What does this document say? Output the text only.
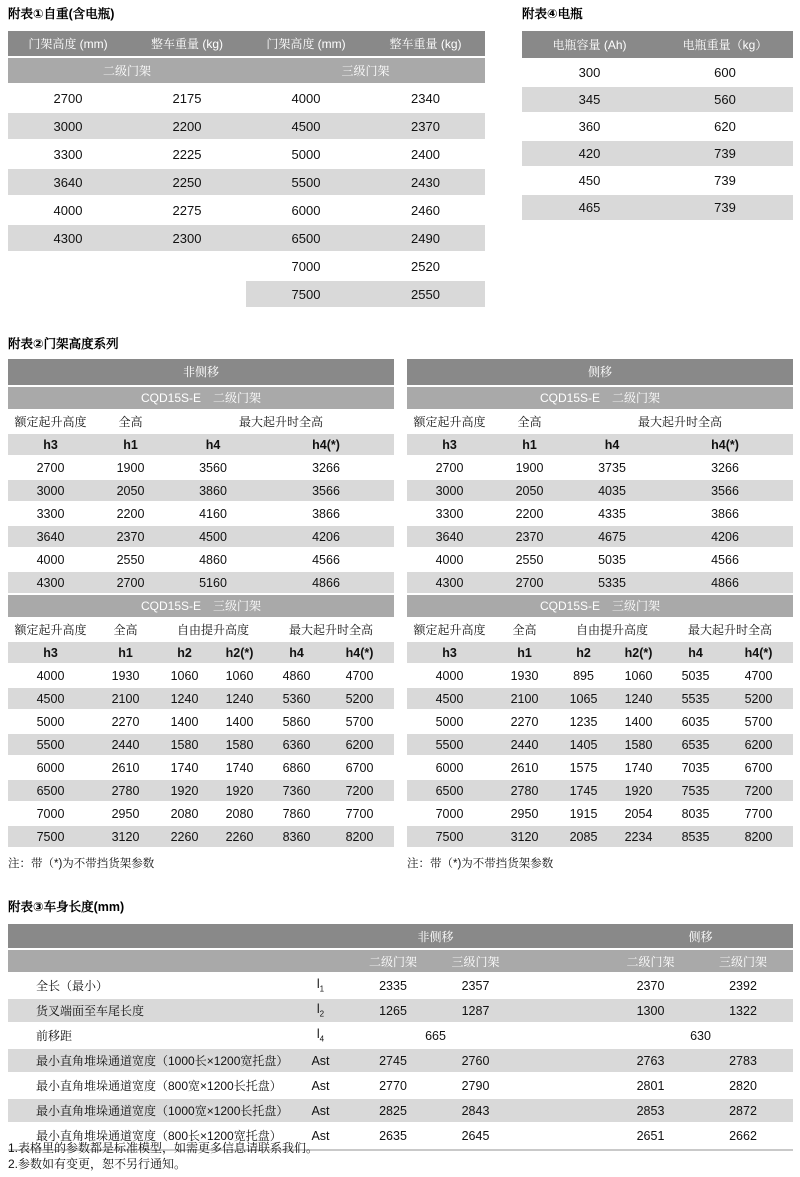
附表①自重(含电瓶)
门架高度 (mm)	整车重量 (kg)	门架高度 (mm)	整车重量 (kg)
二级门架		三级门架	
2700	2175	4000	2340
3000	2200	4500	2370
3300	2225	5000	2400
3640	2250	5500	2430
4000	2275	6000	2460
4300	2300	6500	2490
		7000	2520
		7500	2550
附表④电瓶
电瓶容量 (Ah)	电瓶重量（kg）
300	600
345	560
360	620
420	739
450	739
465	739
附表②门架高度系列
非侧移
CQD15S-E　二级门架
额定起升高度	全高	最大起升时全高	
h3	h1	h4	h4(*)
2700	1900	3560	3266
3000	2050	3860	3566
3300	2200	4160	3866
3640	2370	4500	4206
4000	2550	4860	4566
4300	2700	5160	4866
CQD15S-E　三级门架
额定起升高度	全高	自由提升高度		最大起升时全高	
h3	h1	h2	h2(*)	h4	h4(*)
4000	1930	1060	1060	4860	4700
4500	2100	1240	1240	5360	5200
5000	2270	1400	1400	5860	5700
5500	2440	1580	1580	6360	6200
6000	2610	1740	1740	6860	6700
6500	2780	1920	1920	7360	7200
7000	2950	2080	2080	7860	7700
7500	3120	2260	2260	8360	8200
注：带（*)为不带挡货架参数
侧移
CQD15S-E　二级门架
额定起升高度	全高	最大起升时全高	
h3	h1	h4	h4(*)
2700	1900	3735	3266
3000	2050	4035	3566
3300	2200	4335	3866
3640	2370	4675	4206
4000	2550	5035	4566
4300	2700	5335	4866
CQD15S-E　三级门架
额定起升高度	全高	自由提升高度		最大起升时全高	
h3	h1	h2	h2(*)	h4	h4(*)
4000	1930	895	1060	5035	4700
4500	2100	1065	1240	5535	5200
5000	2270	1235	1400	6035	5700
5500	2440	1405	1580	6535	6200
6000	2610	1575	1740	7035	6700
6500	2780	1745	1920	7535	7200
7000	2950	1915	2054	8035	7700
7500	3120	2085	2234	8535	8200
注：带（*)为不带挡货架参数
附表③车身长度(mm)
		非侧移			侧移	
		二级门架	三级门架		二级门架	三级门架
全长（最小）	$l_1$	2335	2357		2370	2392
货叉端面至车尾长度	$l_2$	1265	1287		1300	1322
前移距	$l_4$	665			630	
最小直角堆垛通道宽度（1000长×1200宽托盘）	Ast	2745	2760		2763	2783
最小直角堆垛通道宽度（800宽×1200长托盘）	Ast	2770	2790		2801	2820
最小直角堆垛通道宽度（1000宽×1200长托盘）	Ast	2825	2843		2853	2872
最小直角堆垛通道宽度（800长×1200宽托盘）	Ast	2635	2645		2651	2662
1.表格里的参数都是标准模型，如需更多信息请联系我们。
2.参数如有变更，恕不另行通知。
